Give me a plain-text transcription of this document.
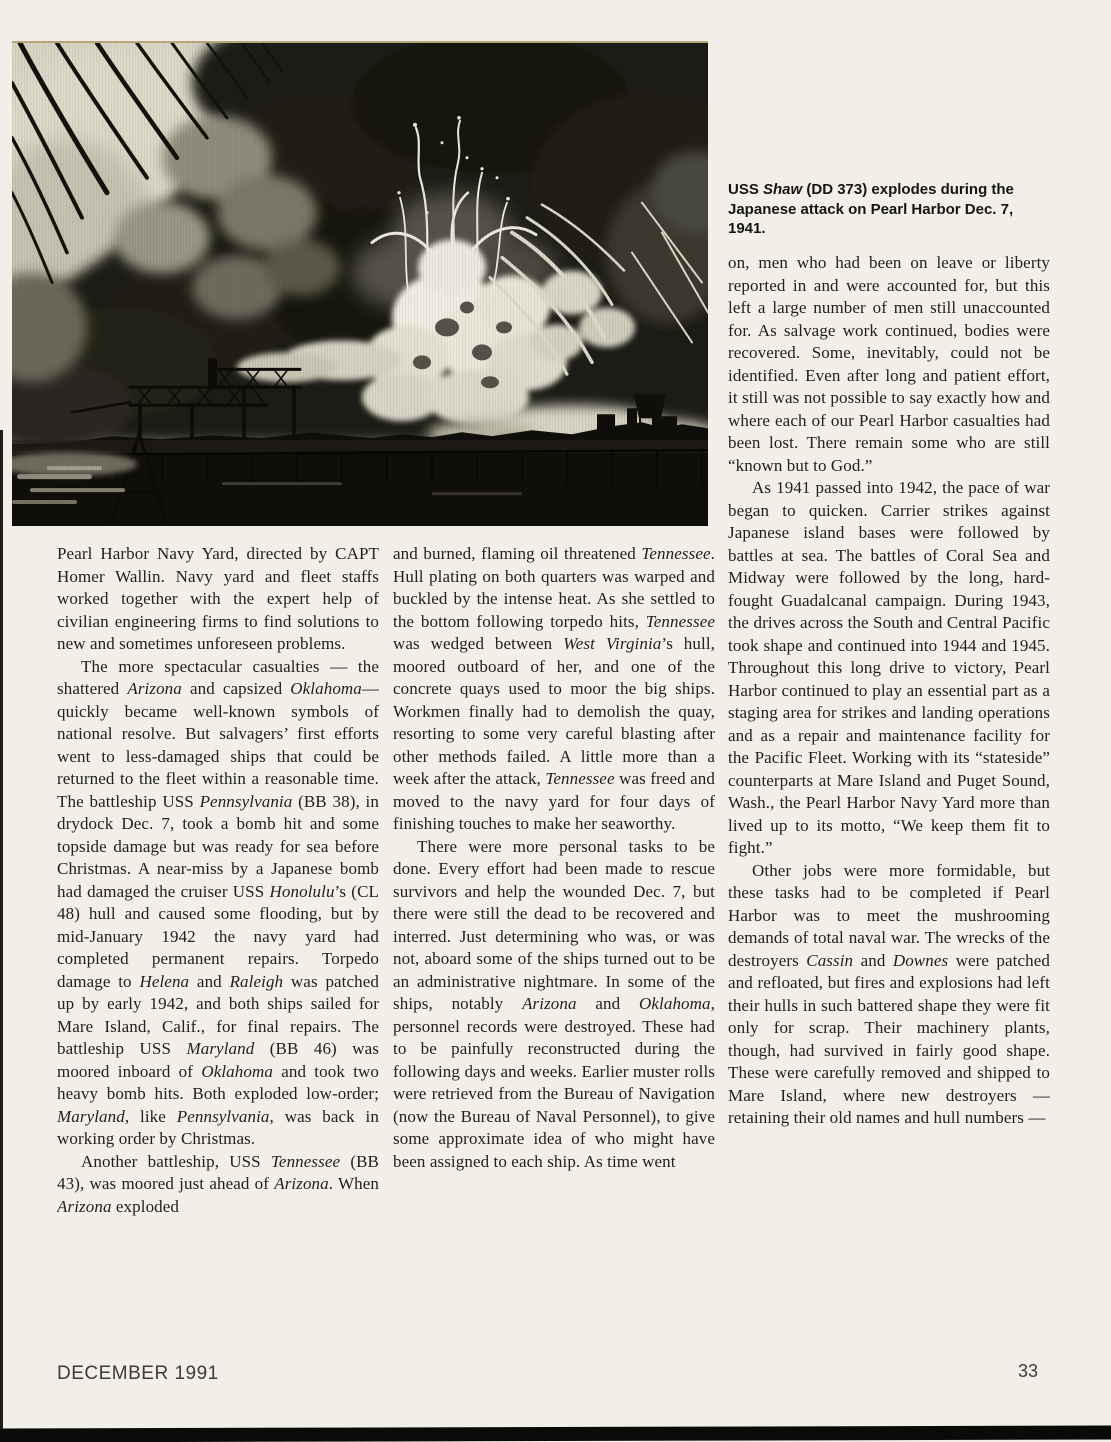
USS Shaw (DD 373) explodes during the Japanese attack on Pearl Harbor Dec. 7, 1941.

Pearl Harbor Navy Yard, directed by CAPT Homer Wallin. Navy yard and fleet staffs worked together with the expert help of civilian engineering firms to find solutions to new and sometimes unforeseen problems.

The more spectacular casualties — the shattered Arizona and capsized Oklahoma— quickly became well-known symbols of national resolve. But salvagers’ first efforts went to less-damaged ships that could be returned to the fleet within a reasonable time. The battleship USS Pennsylvania (BB 38), in drydock Dec. 7, took a bomb hit and some topside damage but was ready for sea before Christmas. A near-miss by a Japanese bomb had damaged the cruiser USS Honolulu’s (CL 48) hull and caused some flooding, but by mid-January 1942 the navy yard had completed permanent repairs. Torpedo damage to Helena and Raleigh was patched up by early 1942, and both ships sailed for Mare Island, Calif., for final repairs. The battleship USS Maryland (BB 46) was moored inboard of Oklahoma and took two heavy bomb hits. Both exploded low-order; Maryland, like Pennsylvania, was back in working order by Christmas.

Another battleship, USS Tennessee (BB 43), was moored just ahead of Arizona. When Arizona exploded

and burned, flaming oil threatened Tennessee. Hull plating on both quarters was warped and buckled by the intense heat. As she settled to the bottom following torpedo hits, Tennessee was wedged between West Virginia’s hull, moored outboard of her, and one of the concrete quays used to moor the big ships. Workmen finally had to demolish the quay, resorting to some very careful blasting after other methods failed. A little more than a week after the attack, Tennessee was freed and moved to the navy yard for four days of finishing touches to make her seaworthy.

There were more personal tasks to be done. Every effort had been made to rescue survivors and help the wounded Dec. 7, but there were still the dead to be recovered and interred. Just determining who was, or was not, aboard some of the ships turned out to be an administrative nightmare. In some of the ships, notably Arizona and Oklahoma, personnel records were destroyed. These had to be painfully reconstructed during the following days and weeks. Earlier muster rolls were retrieved from the Bureau of Navigation (now the Bureau of Naval Personnel), to give some approximate idea of who might have been assigned to each ship. As time went

on, men who had been on leave or liberty reported in and were accounted for, but this left a large number of men still unaccounted for. As salvage work continued, bodies were recovered. Some, inevitably, could not be identified. Even after long and patient effort, it still was not possible to say exactly how and where each of our Pearl Harbor casualties had been lost. There remain some who are still “known but to God.”

As 1941 passed into 1942, the pace of war began to quicken. Carrier strikes against Japanese island bases were followed by battles at sea. The battles of Coral Sea and Midway were followed by the long, hard-fought Guadalcanal campaign. During 1943, the drives across the South and Central Pacific took shape and continued into 1944 and 1945. Throughout this long drive to victory, Pearl Harbor continued to play an essential part as a staging area for strikes and landing operations and as a repair and maintenance facility for the Pacific Fleet. Working with its “stateside” counterparts at Mare Island and Puget Sound, Wash., the Pearl Harbor Navy Yard more than lived up to its motto, “We keep them fit to fight.”

Other jobs were more formidable, but these tasks had to be completed if Pearl Harbor was to meet the mushrooming demands of total naval war. The wrecks of the destroyers Cassin and Downes were patched and refloated, but fires and explosions had left their hulls in such battered shape they were fit only for scrap. Their machinery plants, though, had survived in fairly good shape. These were carefully removed and shipped to Mare Island, where new destroyers — retaining their old names and hull numbers —

DECEMBER 1991	33
